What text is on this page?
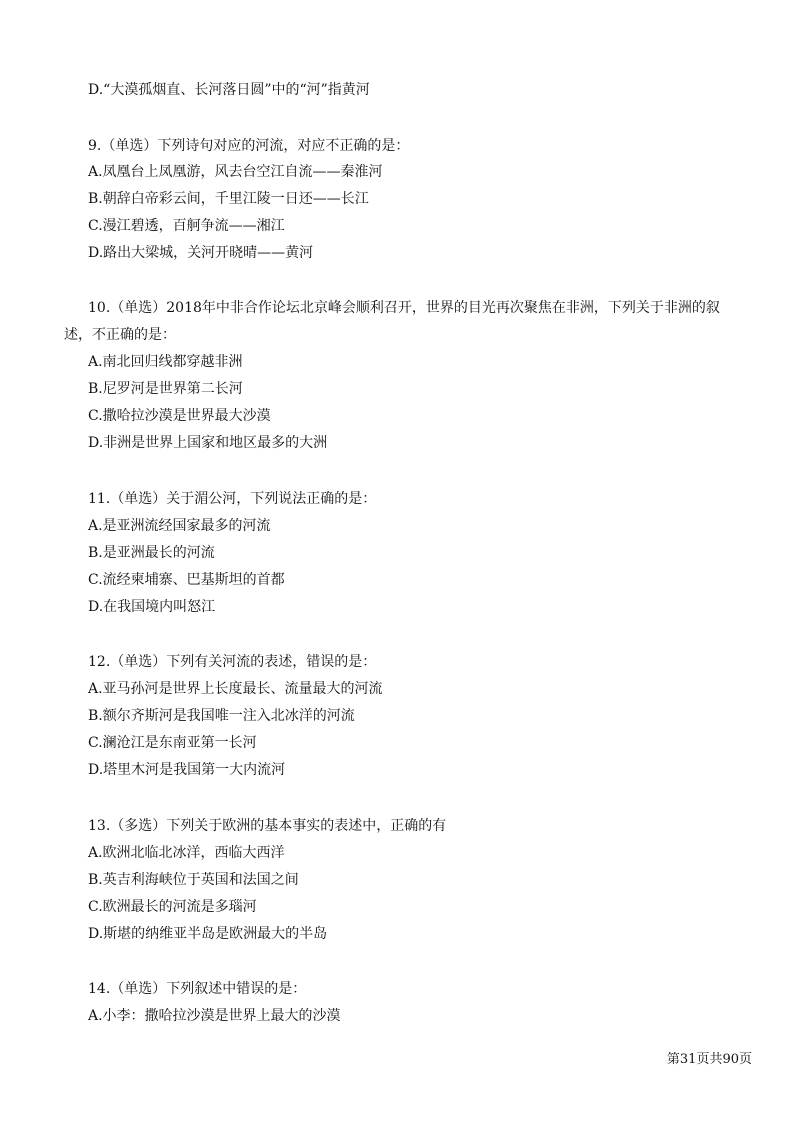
D.“大漠孤烟直、长河落日圆”中的“河”指黄河
9.（单选）下列诗句对应的河流，对应不正确的是：
A.凤凰台上凤凰游，风去台空江自流——秦淮河
B.朝辞白帝彩云间，千里江陵一日还——长江
C.漫江碧透，百舸争流——湘江
D.路出大梁城，关河开晓晴——黄河
10.（单选）2018年中非合作论坛北京峰会顺利召开，世界的目光再次聚焦在非洲，下列关于非洲的叙
述，不正确的是：
A.南北回归线都穿越非洲
B.尼罗河是世界第二长河
C.撒哈拉沙漠是世界最大沙漠
D.非洲是世界上国家和地区最多的大洲
11.（单选）关于湄公河，下列说法正确的是：
A.是亚洲流经国家最多的河流
B.是亚洲最长的河流
C.流经柬埔寨、巴基斯坦的首都
D.在我国境内叫怒江
12.（单选）下列有关河流的表述，错误的是：
A.亚马孙河是世界上长度最长、流量最大的河流
B.额尔齐斯河是我国唯一注入北冰洋的河流
C.澜沧江是东南亚第一长河
D.塔里木河是我国第一大内流河
13.（多选）下列关于欧洲的基本事实的表述中，正确的有
A.欧洲北临北冰洋，西临大西洋
B.英吉利海峡位于英国和法国之间
C.欧洲最长的河流是多瑙河
D.斯堪的纳维亚半岛是欧洲最大的半岛
14.（单选）下列叙述中错误的是：
A.小李：撒哈拉沙漠是世界上最大的沙漠
第31页共90页
